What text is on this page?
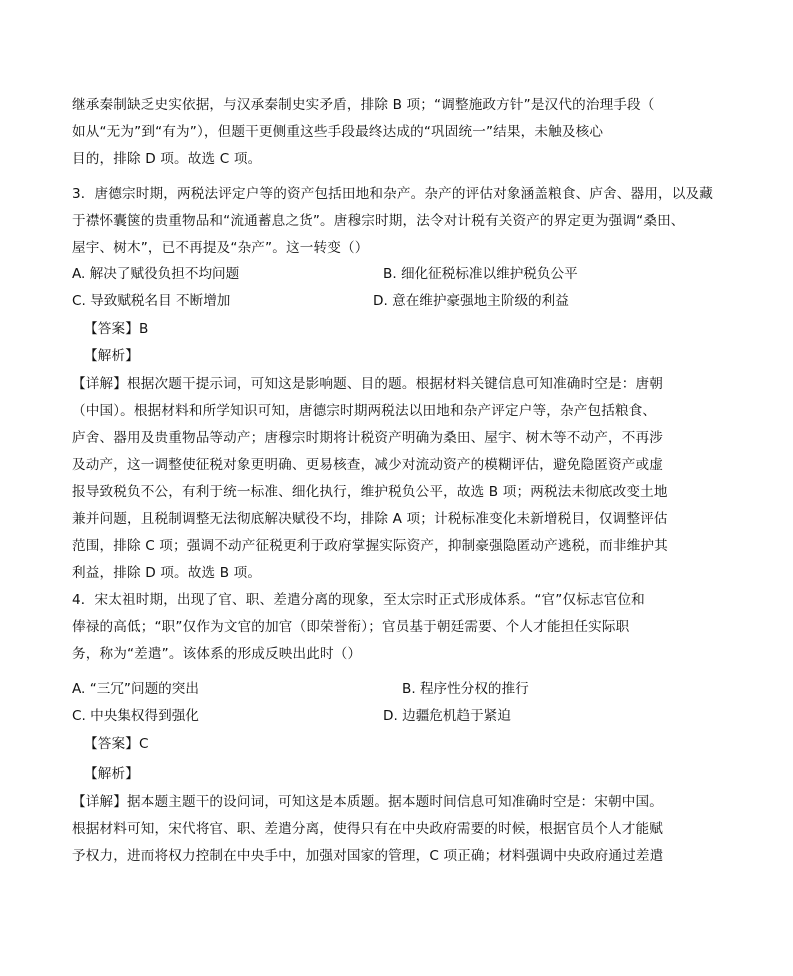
继承秦制缺乏史实依据，与汉承秦制史实矛盾，排除 B 项；“调整施政方针”是汉代的治理手段（
如从“无为”到“有为”），但题干更侧重这些手段最终达成的“巩固统一”结果，未触及核心
目的，排除 D 项。故选 C 项。
3．唐德宗时期，两税法评定户等的资产包括田地和杂产。杂产的评估对象涵盖粮食、庐舍、器用，以及藏
于襟怀囊箧的贵重物品和“流通蓄息之货”。唐穆宗时期，法令对计税有关资产的界定更为强调“桑田、
屋宇、树木”，已不再提及“杂产”。这一转变（）
A. 解决了赋役负担不均问题	B. 细化征税标准以维护税负公平
C. 导致赋税名目 不断增加	D. 意在维护豪强地主阶级的利益
【答案】B
【解析】
【详解】根据次题干提示词，可知这是影响题、目的题。根据材料关键信息可知准确时空是：唐朝
（中国）。根据材料和所学知识可知，唐德宗时期两税法以田地和杂产评定户等，杂产包括粮食、
庐舍、器用及贵重物品等动产；唐穆宗时期将计税资产明确为桑田、屋宇、树木等不动产，不再涉
及动产，这一调整使征税对象更明确、更易核查，减少对流动资产的模糊评估，避免隐匿资产或虚
报导致税负不公，有利于统一标准、细化执行，维护税负公平，故选 B 项；两税法未彻底改变土地
兼并问题，且税制调整无法彻底解决赋役不均，排除 A 项；计税标准变化未新增税目，仅调整评估
范围，排除 C 项；强调不动产征税更利于政府掌握实际资产，抑制豪强隐匿动产逃税，而非维护其
利益，排除 D 项。故选 B 项。
4．宋太祖时期，出现了官、职、差遣分离的现象，至太宗时正式形成体系。“官”仅标志官位和
俸禄的高低；“职”仅作为文官的加官（即荣誉衔）；官员基于朝廷需要、个人才能担任实际职
务，称为“差遣”。该体系的形成反映出此时（）
A. “三冗”问题的突出	B. 程序性分权的推行
C. 中央集权得到强化	D. 边疆危机趋于紧迫
【答案】C
【解析】
【详解】据本题主题干的设问词，可知这是本质题。据本题时间信息可知准确时空是：宋朝中国。
根据材料可知，宋代将官、职、差遣分离，使得只有在中央政府需要的时候，根据官员个人才能赋
予权力，进而将权力控制在中央手中，加强对国家的管理，C 项正确；材料强调中央政府通过差遣
